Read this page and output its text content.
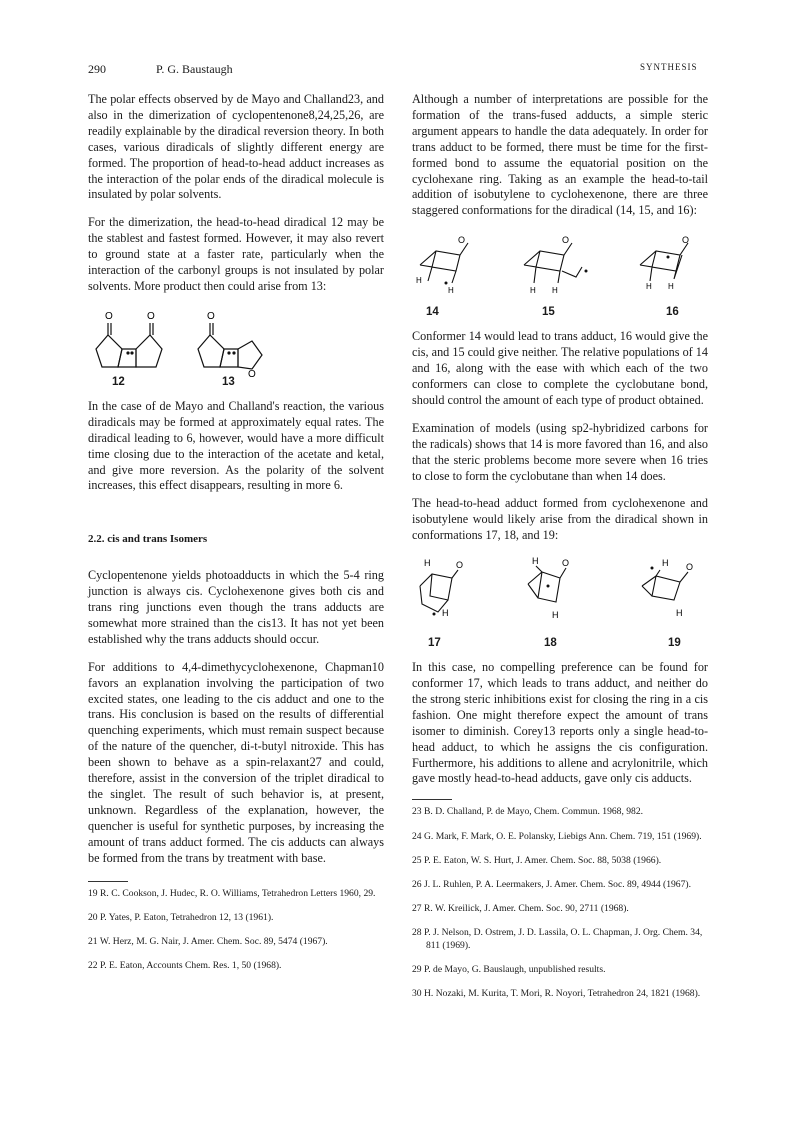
290	P. G. Baustaugh	SYNTHESIS

The polar effects observed by de Mayo and Challand23, and also in the dimerization of cyclopentenone8,24,25,26, are readily explainable by the diradical reversion theory. In both cases, various diradicals of slightly different energy are formed. The proportion of head-to-head adduct increases as the interaction of the polar ends of the diradical molecule is insulated by polar solvents.

For the dimerization, the head-to-head diradical 12 may be the stablest and fastest formed. However, it may also revert to ground state at a faster rate, particularly when the interaction of the carbonyl groups is not insulated by polar solvents. More product then could arise from 13:

O	O	O
O
12	13

In the case of de Mayo and Challand's reaction, the various diradicals may be formed at approximately equal rates. The diradical leading to 6, however, would have a more difficult time closing due to the interaction of the acetate and ketal, and give more reversion. As the polarity of the solvent increases, this effect disappears, resulting in more 6.

2.2. cis and trans Isomers

Cyclopentenone yields photoadducts in which the 5-4 ring junction is always cis. Cyclohexenone gives both cis and trans ring junctions even though the trans adducts are somewhat more strained than the cis13. It has not yet been established why the trans adducts should occur.

For additions to 4,4-dimethycyclohexenone, Chapman10 favors an explanation involving the participation of two excited states, one leading to the cis adduct and one to the trans. His conclusion is based on the results of differential quenching experiments, which must remain suspect because of the nature of the quencher, di-t-butyl nitroxide. This has been shown to behave as a spin-relaxant27 and could, therefore, assist in the conversion of the triplet diradical to the singlet. The result of such behavior is, at present, unknown. Regardless of the explanation, however, the quencher is useful for synthetic purposes, by increasing the amount of trans adduct formed. The cis adducts can always be formed from the trans by treatment with base.

19 R. C. Cookson, J. Hudec, R. O. Williams, Tetrahedron Letters 1960, 29.

20 P. Yates, P. Eaton, Tetrahedron 12, 13 (1961).

21 W. Herz, M. G. Nair, J. Amer. Chem. Soc. 89, 5474 (1967).

22 P. E. Eaton, Accounts Chem. Res. 1, 50 (1968).

Although a number of interpretations are possible for the formation of the trans-fused adducts, a simple steric argument appears to handle the data adequately. In order for trans adduct to be formed, there must be time for the first-formed bond to assume the equatorial position on the cyclohexane ring. Taking as an example the head-to-tail addition of isobutylene to cyclohexenone, there are three staggered conformations for the diradical (14, 15, and 16):

O	O	O
H
H	H H	H H
14	15	16

Conformer 14 would lead to trans adduct, 16 would give the cis, and 15 could give neither. The relative populations of 14 and 16, along with the ease with which each of the two conformers can close to complete the cyclobutane bond, should control the amount of each type of product obtained.

Examination of models (using sp2-hybridized carbons for the radicals) shows that 14 is more favored than 16, and also that the steric problems become more severe when 16 tries to close to form the cyclobutane than when 14 does.

The head-to-head adduct formed from cyclohexenone and isobutylene would likely arise from the diradical shown in conformations 17, 18, and 19:

H	O
H
H	O
H
H O
H
17	18	19

In this case, no compelling preference can be found for conformer 17, which leads to trans adduct, and neither do the strong steric inhibitions exist for closing the ring in a cis fashion. One might therefore expect the amount of trans isomer to diminish. Corey13 reports only a single head-to-head adduct, to which he assigns the cis configuration. Furthermore, his additions to allene and acrylonitrile, which gave mostly head-to-head adducts, gave only cis adducts.

23 B. D. Challand, P. de Mayo, Chem. Commun. 1968, 982.

24 G. Mark, F. Mark, O. E. Polansky, Liebigs Ann. Chem. 719, 151 (1969).

25 P. E. Eaton, W. S. Hurt, J. Amer. Chem. Soc. 88, 5038 (1966).

26 J. L. Ruhlen, P. A. Leermakers, J. Amer. Chem. Soc. 89, 4944 (1967).

27 R. W. Kreilick, J. Amer. Chem. Soc. 90, 2711 (1968).

28 P. J. Nelson, D. Ostrem, J. D. Lassila, O. L. Chapman, J. Org. Chem. 34, 811 (1969).

29 P. de Mayo, G. Bauslaugh, unpublished results.

30 H. Nozaki, M. Kurita, T. Mori, R. Noyori, Tetrahedron 24, 1821 (1968).
